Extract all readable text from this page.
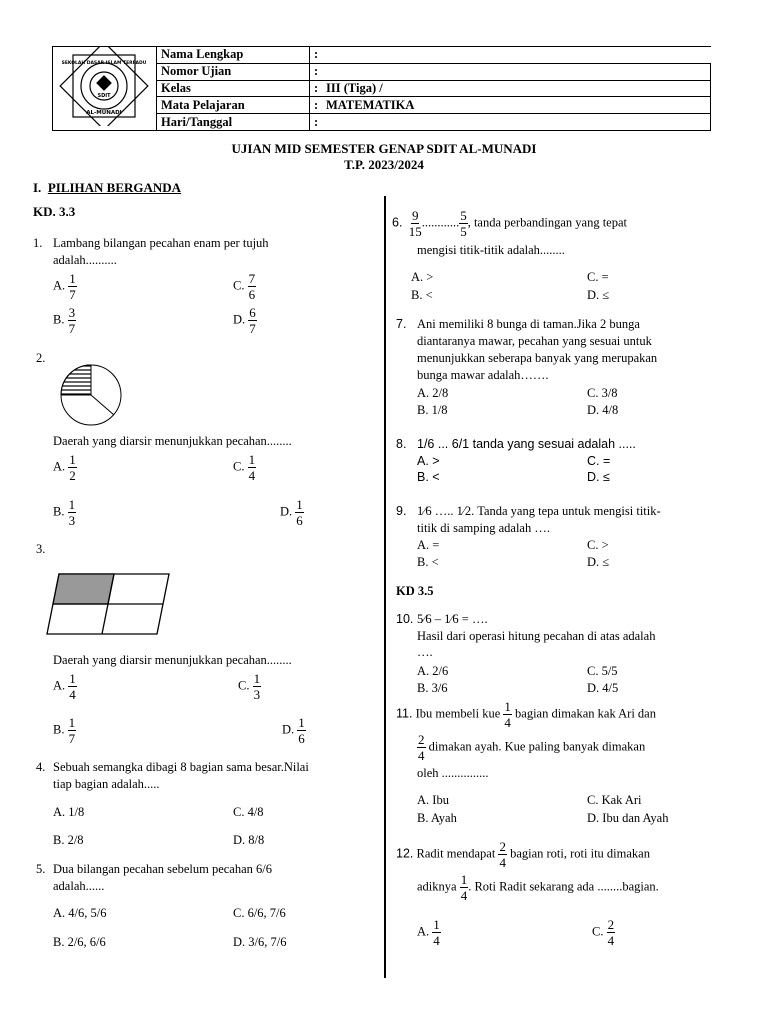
SDIT
AL-MUNADI
SEKOLAH DASAR ISLAM TERPADU	Nama Lengkap	:
	Nomor Ujian	:
	Kelas	: III (Tiga) /
	Mata Pelajaran	: MATEMATIKA
	Hari/Tanggal	:
UJIAN MID SEMESTER GENAP SDIT AL-MUNADI
T.P. 2023/2024
I. PILIHAN BERGANDA
KD. 3.3
1. Lambang bilangan pecahan enam per tujuh
adalah..........
A. $\frac{1}{7}$	C. $\frac{7}{6}$
B. $\frac{3}{7}$	D. $\frac{6}{7}$
2.
Daerah yang diarsir menunjukkan pecahan........
A. $\frac{1}{2}$	C. $\frac{1}{4}$
B. $\frac{1}{3}$	D. $\frac{1}{6}$
3.
Daerah yang diarsir menunjukkan pecahan........
A. $\frac{1}{4}$	C. $\frac{1}{3}$
B. $\frac{1}{7}$	D. $\frac{1}{6}$
4. Sebuah semangka dibagi 8 bagian sama besar.Nilai
tiap bagian adalah.....
A. 1/8	C. 4/8
B. 2/8	D. 8/8
5. Dua bilangan pecahan sebelum pecahan 6/6
adalah......
A. 4/6, 5/6	C. 6/6, 7/6
B. 2/6, 6/6	D. 3/6, 7/6
6. $\frac{9}{15}$ ............ $\frac{5}{5}$ , tanda perbandingan yang tepat
mengisi titik-titik adalah........
A. >	C. =
B. <	D. ≤
7. Ani memiliki 8 bunga di taman.Jika 2 bunga
diantaranya mawar, pecahan yang sesuai untuk
menunjukkan seberapa banyak yang merupakan
bunga mawar adalah…….
A. 2/8	C. 3/8
B. 1/8	D. 4/8
8. 1/6 ... 6/1 tanda yang sesuai adalah .....
A. >	C. =
B. <	D. ≤
9. 1⁄6 ….. 1⁄2. Tanda yang tepa untuk mengisi titik-
titik di samping adalah ….
A. =	C. >
B. <	D. ≤
KD 3.5
10. 5⁄6 – 1⁄6 = ….
Hasil dari operasi hitung pecahan di atas adalah
….
A. 2/6	C. 5/5
B. 3/6	D. 4/5
11. Ibu membeli kue $\frac{1}{4}$ bagian dimakan kak Ari dan
$\frac{2}{4}$ dimakan ayah. Kue paling banyak dimakan
oleh ...............
A. Ibu	C. Kak Ari
B. Ayah	D. Ibu dan Ayah
12. Radit mendapat $\frac{2}{4}$ bagian roti, roti itu dimakan
adiknya $\frac{1}{4}$ . Roti Radit sekarang ada ........bagian.
A. $\frac{1}{4}$	C. $\frac{2}{4}$
